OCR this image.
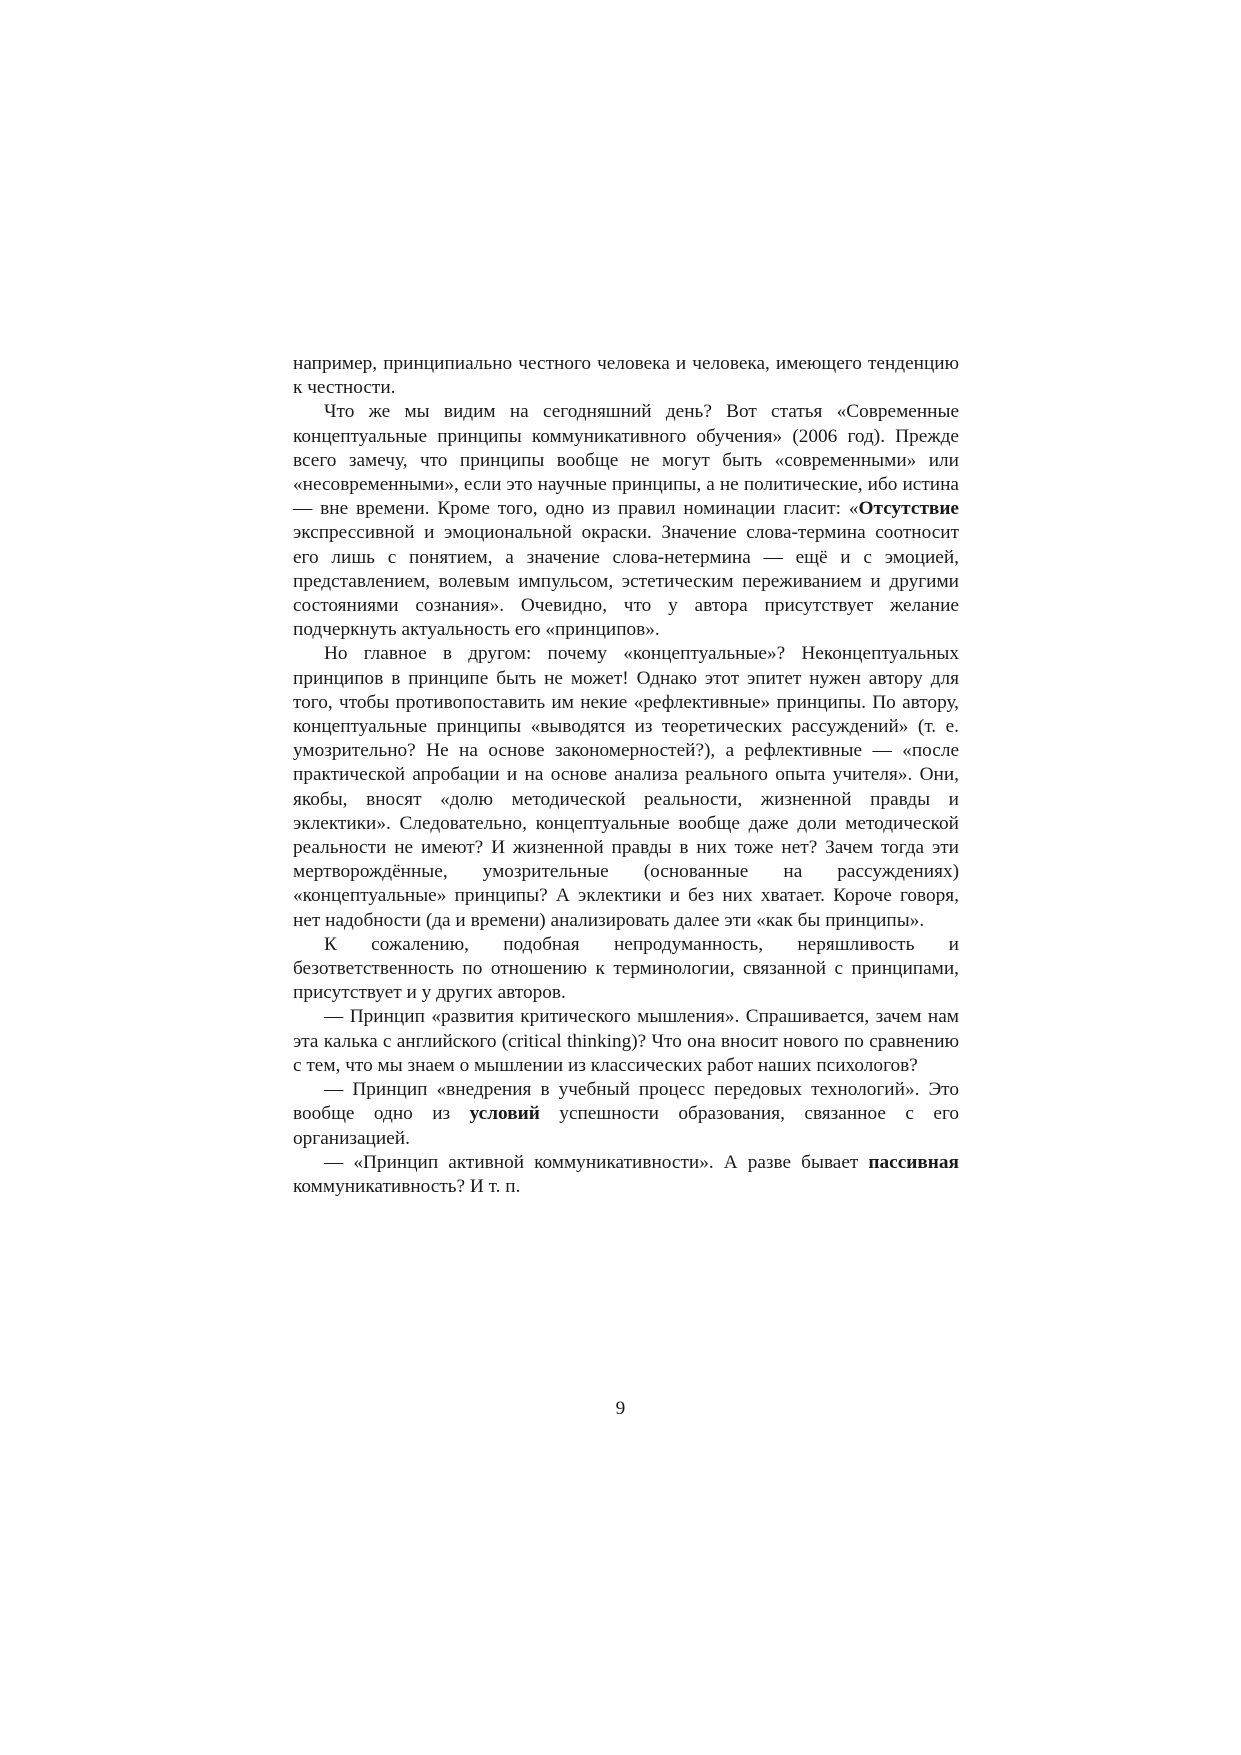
например, принципиально честного человека и человека, имеющего тенденцию к честности.

Что же мы видим на сегодняшний день? Вот статья «Современные концептуальные принципы коммуникативного обучения» (2006 год). Прежде всего замечу, что принципы вообще не могут быть «современными» или «несовременными», если это научные принципы, а не политические, ибо истина — вне времени. Кроме того, одно из правил номинации гласит: «Отсутствие экспрессивной и эмоциональной окраски. Значение слова-термина соотносит его лишь с понятием, а значение слова-нетермина — ещё и с эмоцией, представлением, волевым импульсом, эстетическим переживанием и другими состояниями сознания». Очевидно, что у автора присутствует желание подчеркнуть актуальность его «принципов».

Но главное в другом: почему «концептуальные»? Неконцептуальных принципов в принципе быть не может! Однако этот эпитет нужен автору для того, чтобы противопоставить им некие «рефлективные» принципы. По автору, концептуальные принципы «выводятся из теоретических рассуждений» (т. е. умозрительно? Не на основе закономерностей?), а рефлективные — «после практической апробации и на основе анализа реального опыта учителя». Они, якобы, вносят «долю методической реальности, жизненной правды и эклектики». Следовательно, концептуальные вообще даже доли методической реальности не имеют? И жизненной правды в них тоже нет? Зачем тогда эти мертворождённые, умозрительные (основанные на рассуждениях) «концептуальные» принципы? А эклектики и без них хватает. Короче говоря, нет надобности (да и времени) анализировать далее эти «как бы принципы».

К сожалению, подобная непродуманность, неряшливость и безответственность по отношению к терминологии, связанной с принципами, присутствует и у других авторов.

— Принцип «развития критического мышления». Спрашивается, зачем нам эта калька с английского (critical thinking)? Что она вносит нового по сравнению с тем, что мы знаем о мышлении из классических работ наших психологов?

— Принцип «внедрения в учебный процесс передовых технологий». Это вообще одно из условий успешности образования, связанное с его организацией.

— «Принцип активной коммуникативности». А разве бывает пассивная коммуникативность? И т. п.

9
